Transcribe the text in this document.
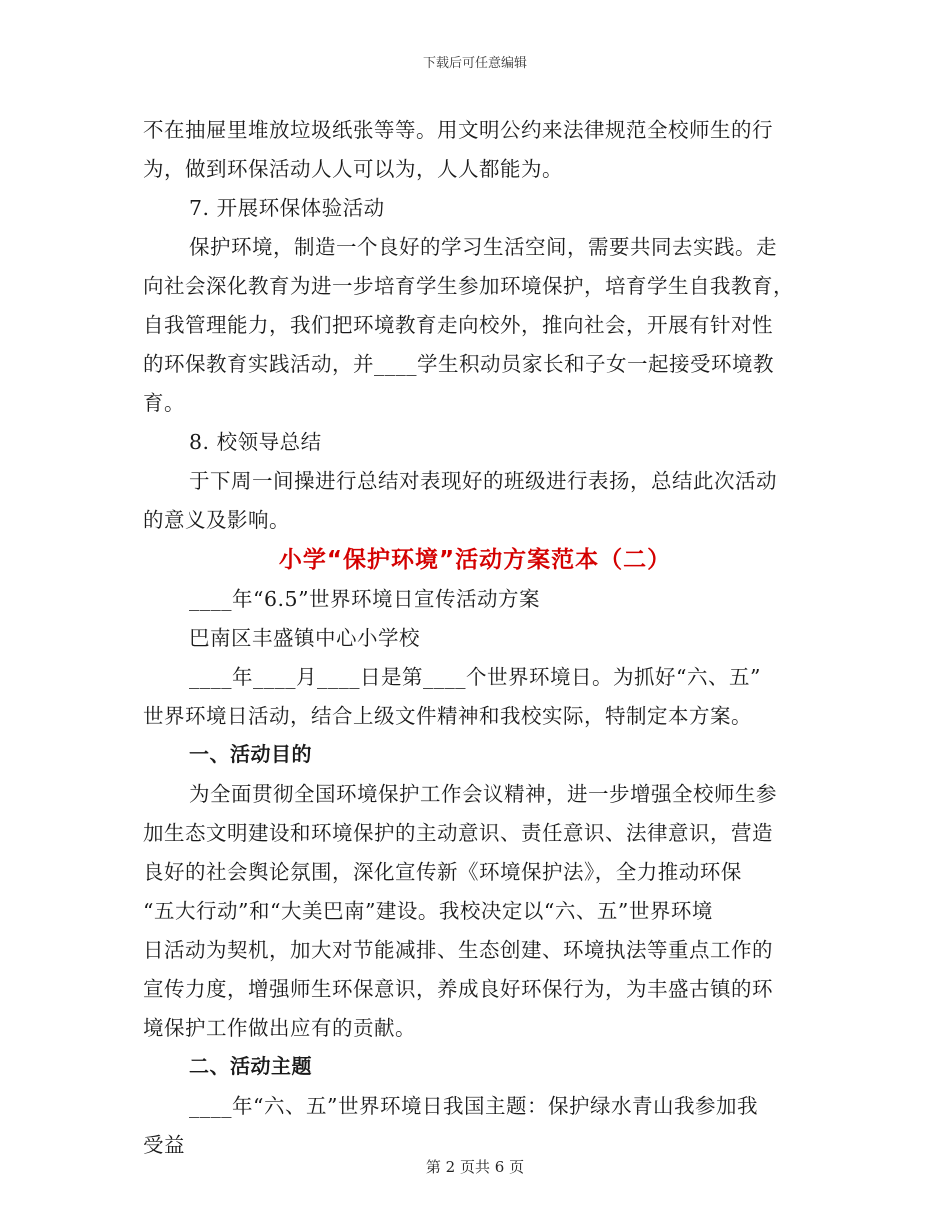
下载后可任意编辑
不在抽屉里堆放垃圾纸张等等。用文明公约来法律规范全校师生的行
为，做到环保活动人人可以为，人人都能为。
7. 开展环保体验活动
保护环境，制造一个良好的学习生活空间，需要共同去实践。走
向社会深化教育为进一步培育学生参加环境保护，培育学生自我教育，
自我管理能力，我们把环境教育走向校外，推向社会，开展有针对性
的环保教育实践活动，并____学生积动员家长和子女一起接受环境教
育。
8. 校领导总结
于下周一间操进行总结对表现好的班级进行表扬，总结此次活动
的意义及影响。
小学“保护环境”活动方案范本（二）
____年“6.5”世界环境日宣传活动方案
巴南区丰盛镇中心小学校
____年____月____日是第____个世界环境日。为抓好“六、五”
世界环境日活动，结合上级文件精神和我校实际，特制定本方案。
一、活动目的
为全面贯彻全国环境保护工作会议精神，进一步增强全校师生参
加生态文明建设和环境保护的主动意识、责任意识、法律意识，营造
良好的社会舆论氛围，深化宣传新《环境保护法》，全力推动环保
“五大行动”和“大美巴南”建设。我校决定以“六、五”世界环境
日活动为契机，加大对节能减排、生态创建、环境执法等重点工作的
宣传力度，增强师生环保意识，养成良好环保行为，为丰盛古镇的环
境保护工作做出应有的贡献。
二、活动主题
____年“六、五”世界环境日我国主题：保护绿水青山我参加我
受益
第 2 页共 6 页
